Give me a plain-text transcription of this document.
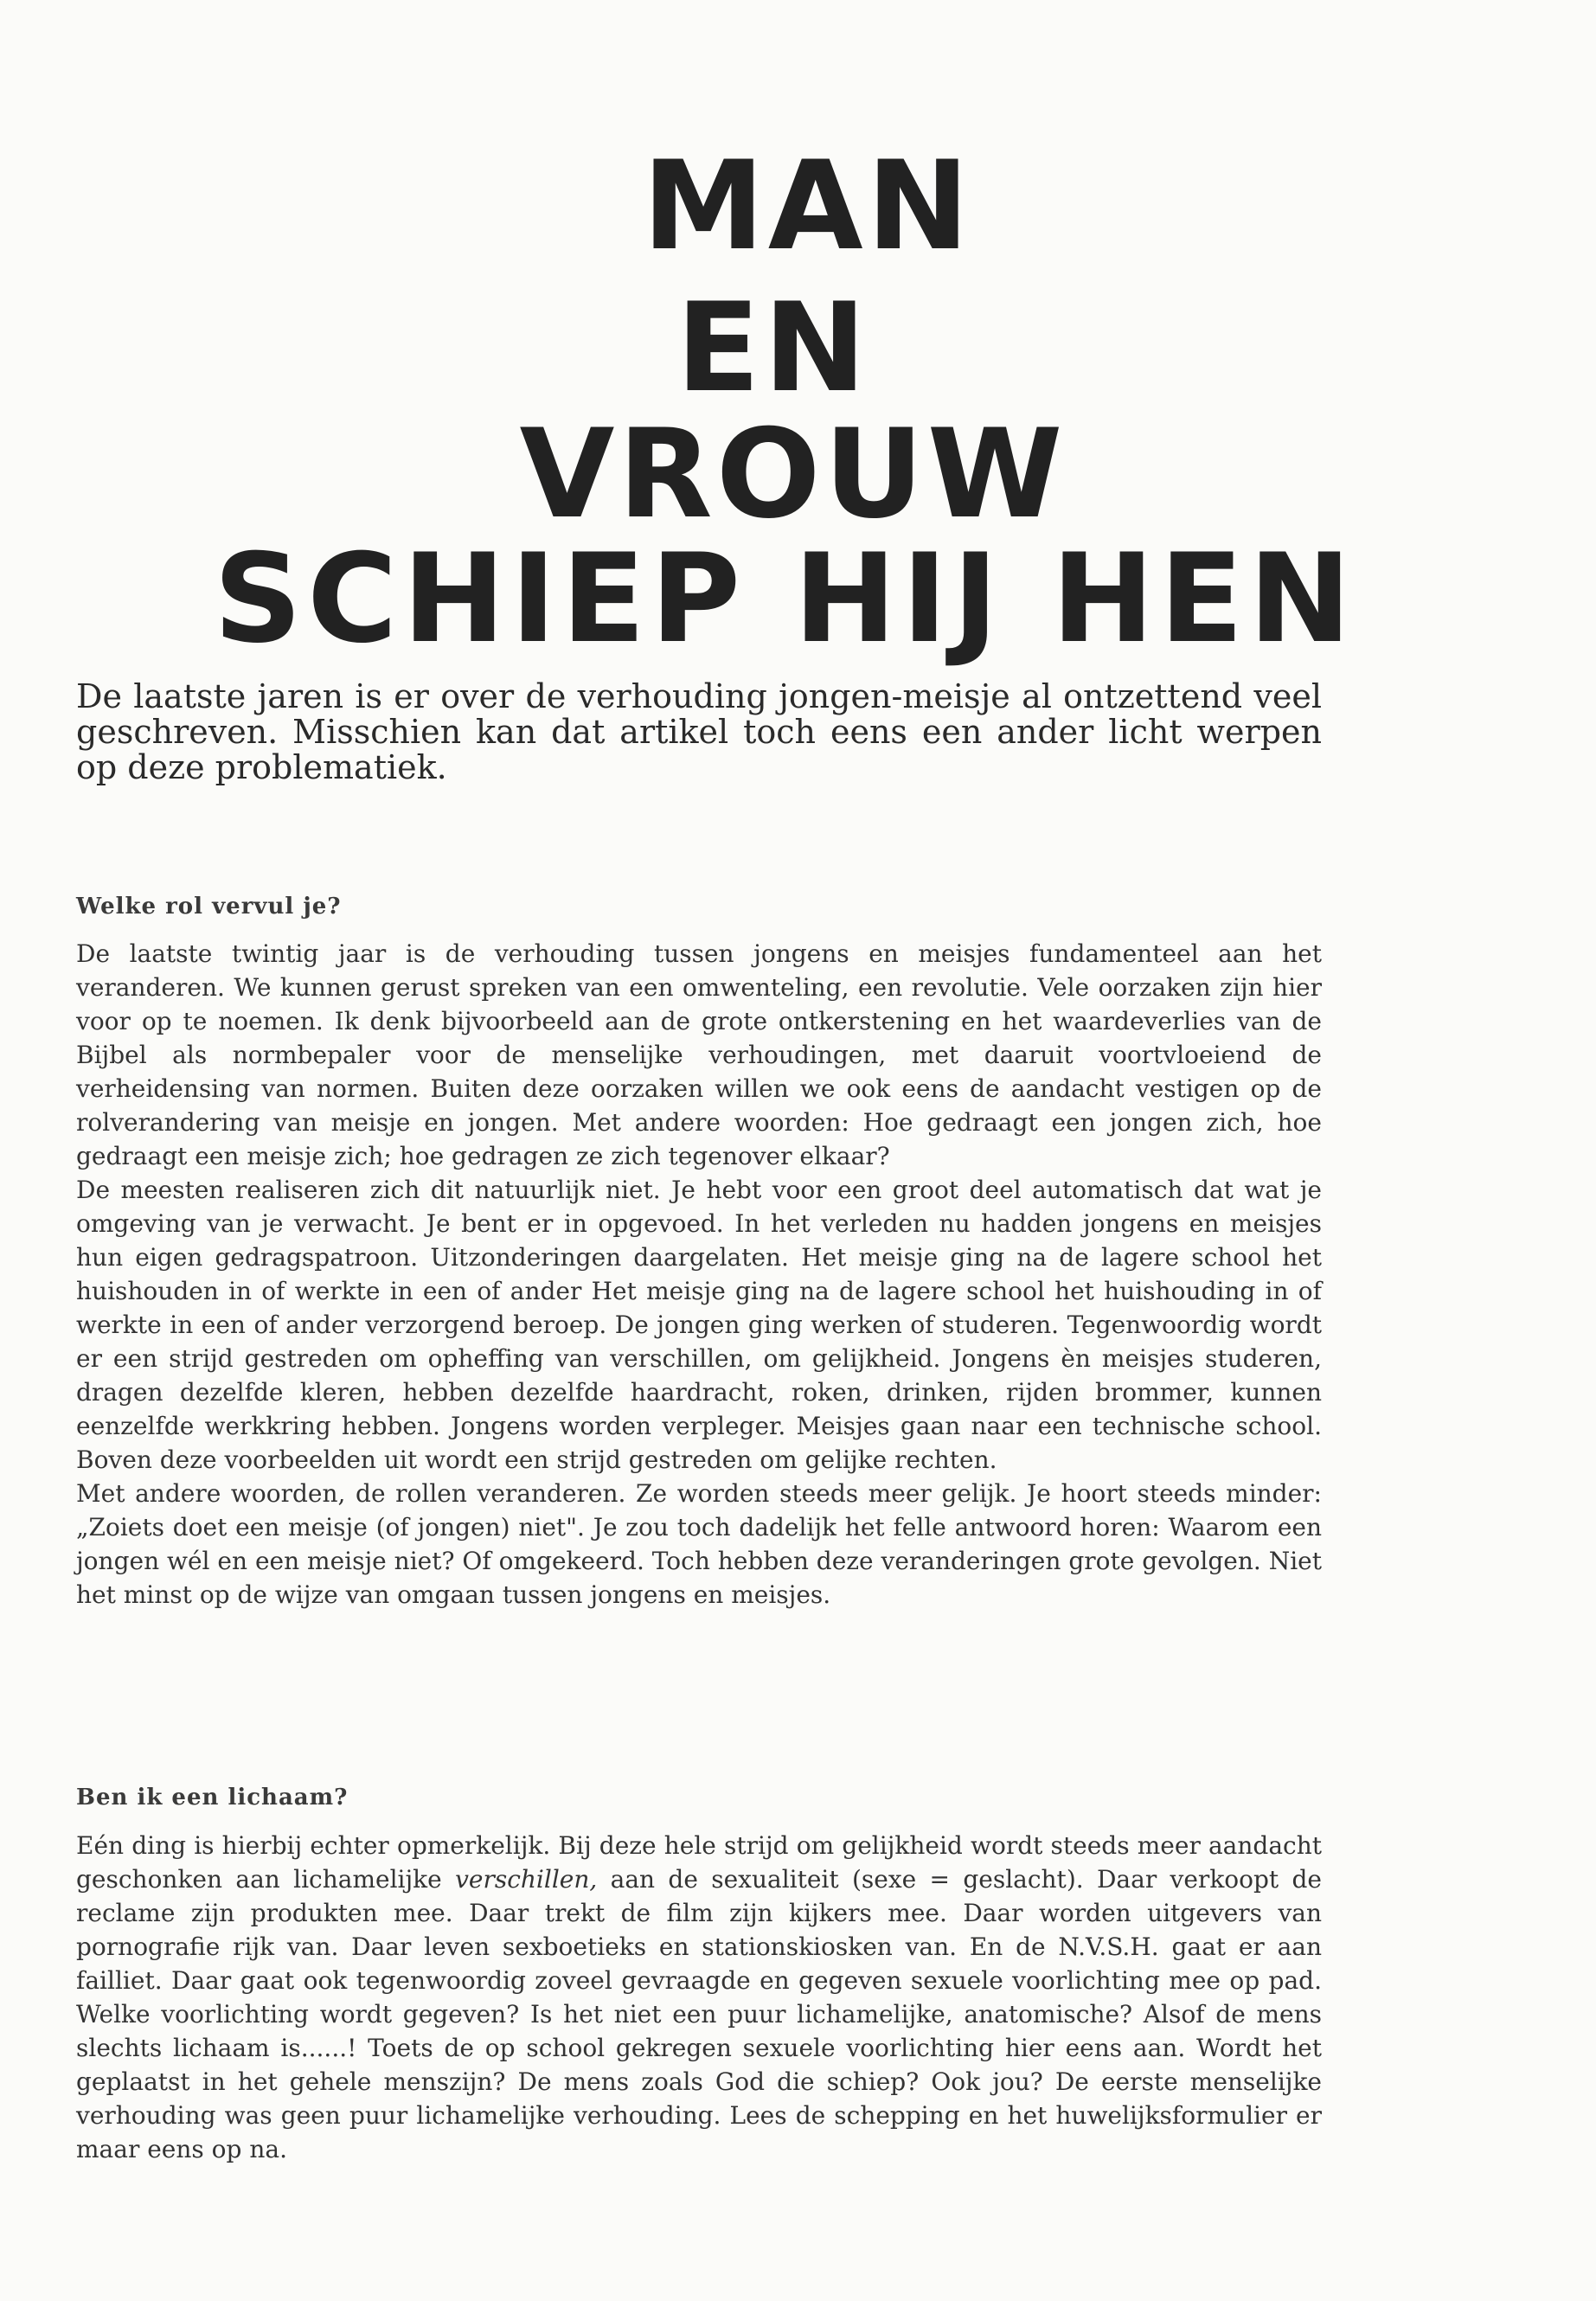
MAN
EN
VROUW
SCHIEP HIJ HEN

De laatste jaren is er over de verhouding jongen-meisje al ontzettend veel geschreven. Misschien kan dat artikel toch eens een ander licht werpen op deze problematiek.

Welke rol vervul je?

De laatste twintig jaar is de verhouding tussen jongens en meisjes fundamenteel aan het veranderen. We kunnen gerust spreken van een omwenteling, een revolutie. Vele oorzaken zijn hier voor op te noemen. Ik denk bijvoorbeeld aan de grote ontkerstening en het waardeverlies van de Bijbel als normbepaler voor de menselijke verhoudingen, met daaruit voortvloeiend de verheidensing van normen. Buiten deze oorzaken willen we ook eens de aandacht vestigen op de rolverandering van meisje en jongen. Met andere woorden: Hoe gedraagt een jongen zich, hoe gedraagt een meisje zich; hoe gedragen ze zich tegenover elkaar?

De meesten realiseren zich dit natuurlijk niet. Je hebt voor een groot deel automatisch dat wat je omgeving van je verwacht. Je bent er in opgevoed. In het verleden nu hadden jongens en meisjes hun eigen gedragspatroon. Uitzonderingen daargelaten. Het meisje ging na de lagere school het huishouden in of werkte in een of ander Het meisje ging na de lagere school het huishouding in of werkte in een of ander verzorgend beroep. De jongen ging werken of studeren. Tegenwoordig wordt er een strijd gestreden om opheffing van verschillen, om gelijkheid. Jongens èn meisjes studeren, dragen dezelfde kleren, hebben dezelfde haardracht, roken, drinken, rijden brommer, kunnen eenzelfde werkkring hebben. Jongens worden verpleger. Meisjes gaan naar een technische school. Boven deze voorbeelden uit wordt een strijd gestreden om gelijke rechten.

Met andere woorden, de rollen veranderen. Ze worden steeds meer gelijk. Je hoort steeds minder: „Zoiets doet een meisje (of jongen) niet". Je zou toch dadelijk het felle antwoord horen: Waarom een jongen wél en een meisje niet? Of omgekeerd. Toch hebben deze veranderingen grote gevolgen. Niet het minst op de wijze van omgaan tussen jongens en meisjes.

Ben ik een lichaam?

Eén ding is hierbij echter opmerkelijk. Bij deze hele strijd om gelijkheid wordt steeds meer aandacht geschonken aan lichamelijke verschillen, aan de sexualiteit (sexe = geslacht). Daar verkoopt de reclame zijn produkten mee. Daar trekt de film zijn kijkers mee. Daar worden uitgevers van pornografie rijk van. Daar leven sexboetieks en stationskiosken van. En de N.V.S.H. gaat er aan failliet. Daar gaat ook tegenwoordig zoveel gevraagde en gegeven sexuele voorlichting mee op pad. Welke voorlichting wordt gegeven? Is het niet een puur lichamelijke, anatomische? Alsof de mens slechts lichaam is......! Toets de op school gekregen sexuele voorlichting hier eens aan. Wordt het geplaatst in het gehele menszijn? De mens zoals God die schiep? Ook jou? De eerste menselijke verhouding was geen puur lichamelijke verhouding. Lees de schepping en het huwelijksformulier er maar eens op na.
